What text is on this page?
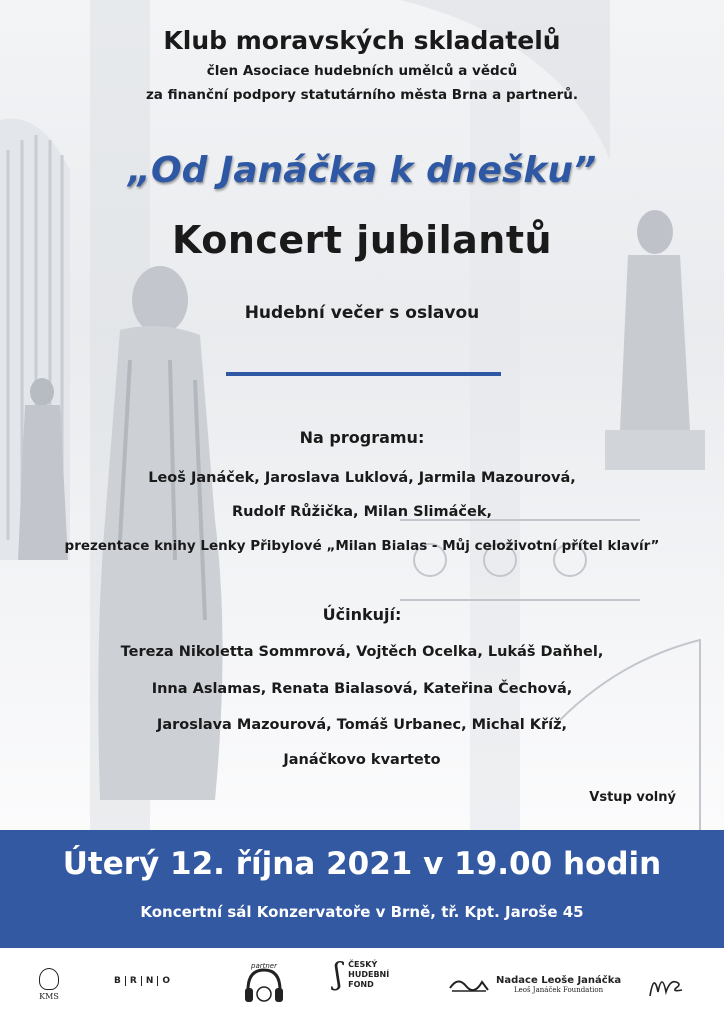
Klub moravských skladatelů
člen Asociace hudebních umělců a vědců
za finanční podpory statutárního města Brna a partnerů.
„Od Janáčka k dnešku”
Koncert jubilantů
Hudební večer s oslavou
Na programu:
Leoš Janáček, Jaroslava Luklová, Jarmila Mazourová,
Rudolf Růžička, Milan Slimáček,
prezentace knihy Lenky Přibylové „Milan Bialas - Můj celoživotní přítel klavír”
Účinkují:
Tereza Nikoletta Sommrová, Vojtěch Ocelka, Lukáš Daňhel,
Inna Aslamas, Renata Bialasová, Kateřina Čechová,
Jaroslava Mazourová, Tomáš Urbanec, Michal Kříž,
Janáčkovo kvarteto
Vstup volný
Úterý 12. října 2021 v 19.00 hodin
Koncertní sál Konzervatoře v Brně, tř. Kpt. Jaroše 45
KMS
B	R	N	O
partner ʃ ČESKÝ
HUDEBNÍ
FOND	Nadace Leoše Janáčka
Leoš Janáček Foundation
